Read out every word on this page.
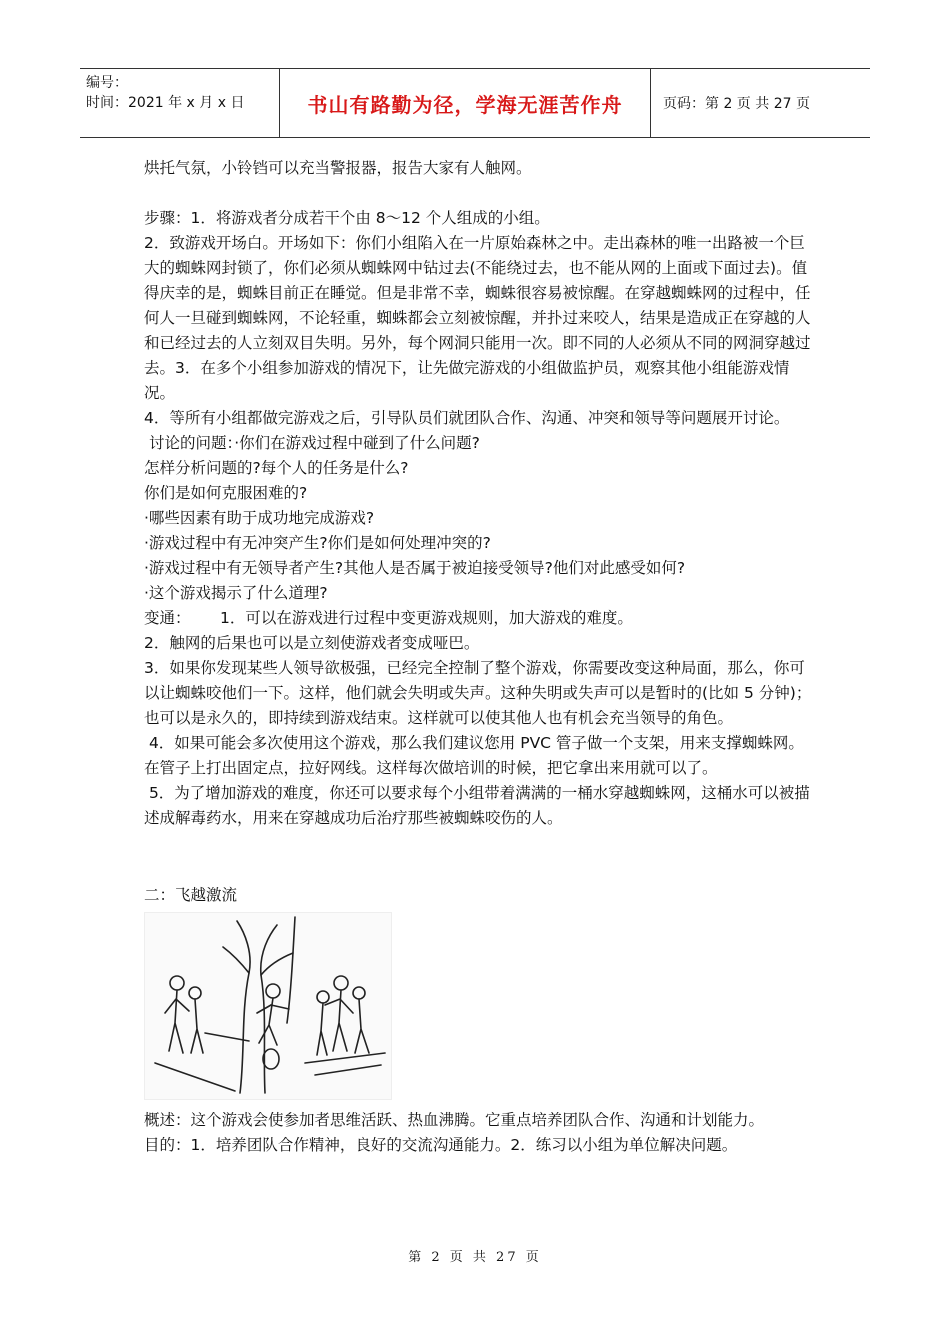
编号：
时间：2021 年 x 月 x 日	书山有路勤为径，学海无涯苦作舟	页码：第 2 页 共 27 页

烘托气氛，小铃铛可以充当警报器，报告大家有人触网。

步骤：1．将游戏者分成若干个由 8～12 个人组成的小组。

2．致游戏开场白。开场如下：你们小组陷入在一片原始森林之中。走出森林的唯一出路被一个巨大的蜘蛛网封锁了，你们必须从蜘蛛网中钻过去(不能绕过去，也不能从网的上面或下面过去)。值得庆幸的是，蜘蛛目前正在睡觉。但是非常不幸，蜘蛛很容易被惊醒。在穿越蜘蛛网的过程中，任何人一旦碰到蜘蛛网，不论轻重，蜘蛛都会立刻被惊醒，并扑过来咬人，结果是造成正在穿越的人和已经过去的人立刻双目失明。另外，每个网洞只能用一次。即不同的人必须从不同的网洞穿越过去。3．在多个小组参加游戏的情况下，让先做完游戏的小组做监护员，观察其他小组能游戏情况。

4．等所有小组都做完游戏之后，引导队员们就团队合作、沟通、冲突和领导等问题展开讨论。

讨论的问题：·你们在游戏过程中碰到了什么问题?

怎样分析问题的?每个人的任务是什么?

你们是如何克服困难的?

·哪些因素有助于成功地完成游戏?

·游戏过程中有无冲突产生?你们是如何处理冲突的?

·游戏过程中有无领导者产生?其他人是否属于被迫接受领导?他们对此感受如何?

·这个游戏揭示了什么道理?

变通：      1．可以在游戏进行过程中变更游戏规则，加大游戏的难度。

2．触网的后果也可以是立刻使游戏者变成哑巴。

3．如果你发现某些人领导欲极强，已经完全控制了整个游戏，你需要改变这种局面，那么，你可以让蜘蛛咬他们一下。这样，他们就会失明或失声。这种失明或失声可以是暂时的(比如 5 分钟)；也可以是永久的，即持续到游戏结束。这样就可以使其他人也有机会充当领导的角色。

4．如果可能会多次使用这个游戏，那么我们建议您用 PVC 管子做一个支架，用来支撑蜘蛛网。在管子上打出固定点，拉好网线。这样每次做培训的时候，把它拿出来用就可以了。

5．为了增加游戏的难度，你还可以要求每个小组带着满满的一桶水穿越蜘蛛网，这桶水可以被描述成解毒药水，用来在穿越成功后治疗那些被蜘蛛咬伤的人。

二：飞越激流

概述：这个游戏会使参加者思维活跃、热血沸腾。它重点培养团队合作、沟通和计划能力。

目的：1．培养团队合作精神，良好的交流沟通能力。2．练习以小组为单位解决问题。

第 2 页 共 27 页
